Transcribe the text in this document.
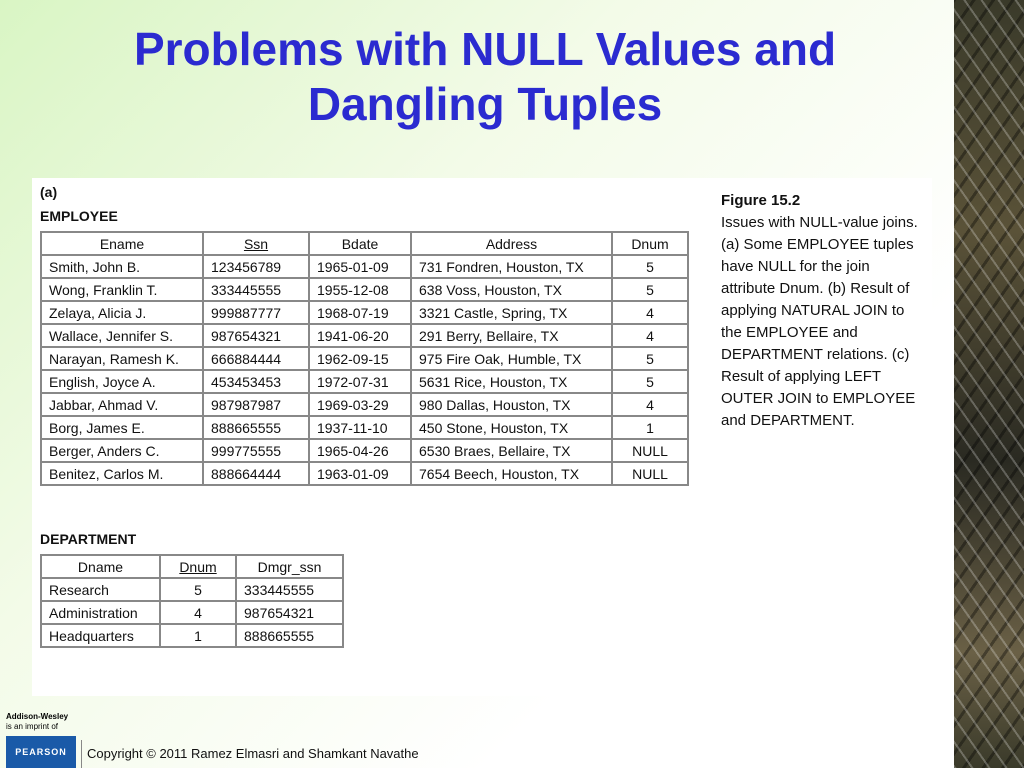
Problems with NULL Values and
Dangling Tuples
(a)
EMPLOYEE
Ename	Ssn	Bdate	Address	Dnum
Smith, John B.	123456789	1965-01-09	731 Fondren, Houston, TX	5
Wong, Franklin T.	333445555	1955-12-08	638 Voss, Houston, TX	5
Zelaya, Alicia J.	999887777	1968-07-19	3321 Castle, Spring, TX	4
Wallace, Jennifer S.	987654321	1941-06-20	291 Berry, Bellaire, TX	4
Narayan, Ramesh K.	666884444	1962-09-15	975 Fire Oak, Humble, TX	5
English, Joyce A.	453453453	1972-07-31	5631 Rice, Houston, TX	5
Jabbar, Ahmad V.	987987987	1969-03-29	980 Dallas, Houston, TX	4
Borg, James E.	888665555	1937-11-10	450 Stone, Houston, TX	1
Berger, Anders C.	999775555	1965-04-26	6530 Braes, Bellaire, TX	NULL
Benitez, Carlos M.	888664444	1963-01-09	7654 Beech, Houston, TX	NULL
DEPARTMENT
Dname	Dnum	Dmgr_ssn
Research	5	333445555
Administration	4	987654321
Headquarters	1	888665555

Figure 15.2
Issues with NULL-value joins. (a) Some EMPLOYEE tuples have NULL for the join attribute Dnum. (b) Result of applying NATURAL JOIN to the EMPLOYEE and DEPARTMENT relations. (c) Result of applying LEFT OUTER JOIN to EMPLOYEE and DEPARTMENT.
Addison-Wesley
is an imprint of
PEARSON	Copyright © 2011 Ramez Elmasri and Shamkant Navathe
